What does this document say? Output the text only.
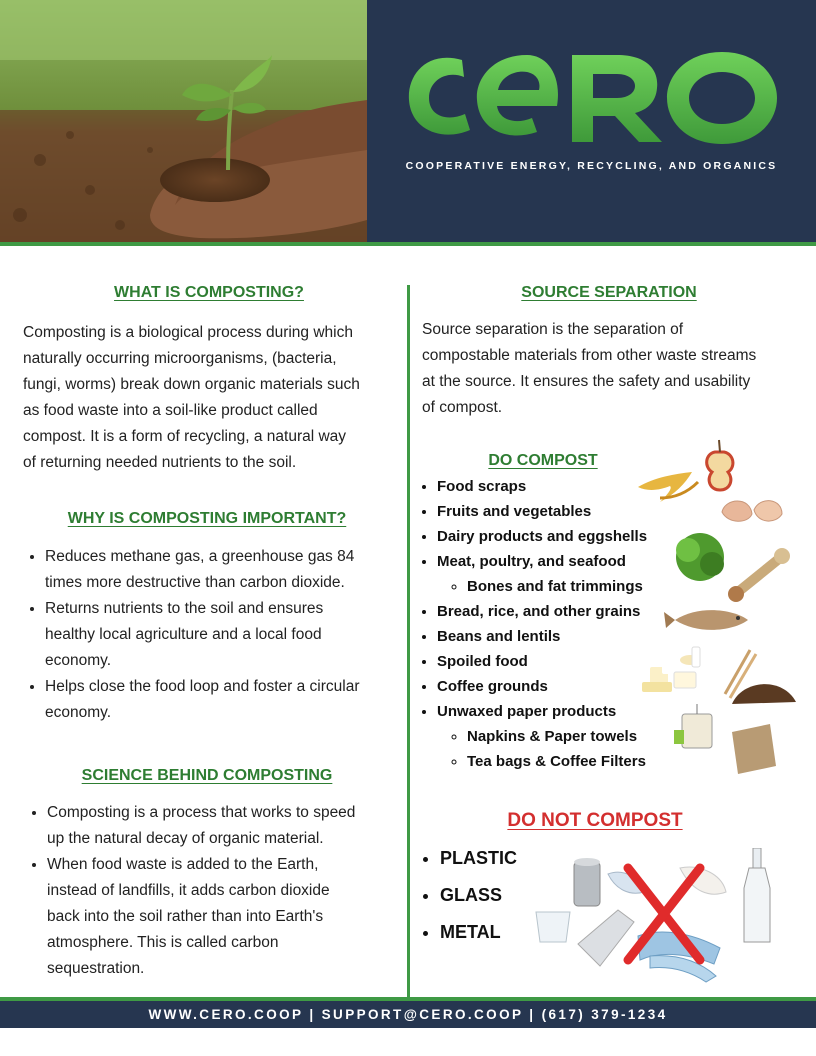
COOPERATIVE ENERGY, RECYCLING, AND ORGANICS
WHAT IS COMPOSTING?
Composting is a biological process during which
naturally occurring microorganisms, (bacteria,
fungi, worms) break down organic materials such
as food waste into a soil-like product called
compost. It is a form of recycling, a natural way
of returning needed nutrients to the soil.
WHY IS COMPOSTING IMPORTANT?
• Reduces methane gas, a greenhouse gas 84
times more destructive than carbon dioxide.
• Returns nutrients to the soil and ensures
healthy local agriculture and a local food
economy.
• Helps close the food loop and foster a circular
economy.
SCIENCE BEHIND COMPOSTING
• Composting is a process that works to speed
up the natural decay of organic material.
• When food waste is added to the Earth,
instead of landfills, it adds carbon dioxide
back into the soil rather than into Earth's
atmosphere. This is called carbon
sequestration.
SOURCE SEPARATION
Source separation is the separation of
compostable materials from other waste streams
at the source. It ensures the safety and usability
of compost.
DO COMPOST
• Food scraps
• Fruits and vegetables
• Dairy products and eggshells
• Meat, poultry, and seafood
◦ Bones and fat trimmings
• Bread, rice, and other grains
• Beans and lentils
• Spoiled food
• Coffee grounds
• Unwaxed paper products
◦ Napkins & Paper towels
◦ Tea bags & Coffee Filters
DO NOT COMPOST
• PLASTIC
• GLASS
• METAL
WWW.CERO.COOP | SUPPORT@CERO.COOP | (617) 379-1234
